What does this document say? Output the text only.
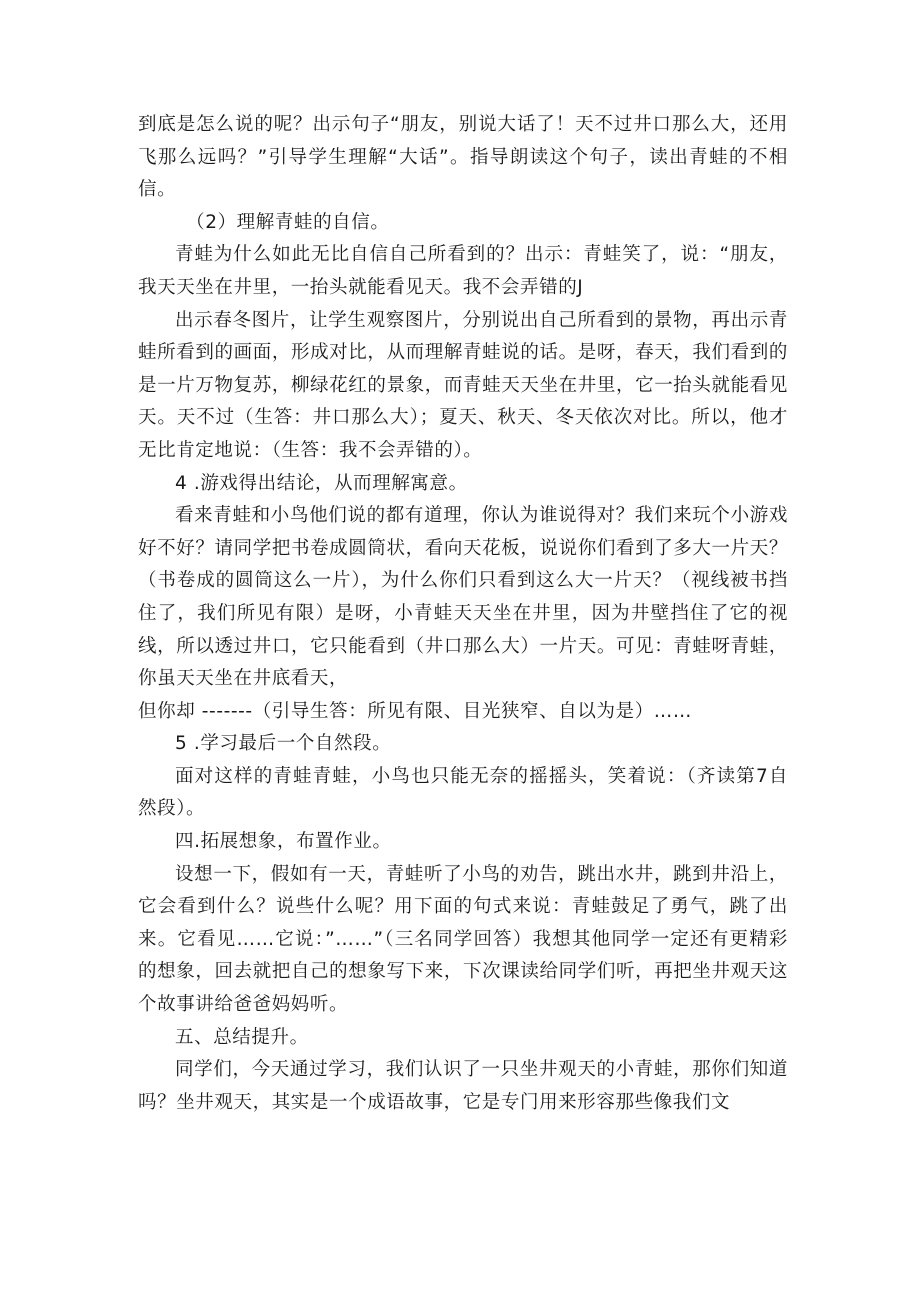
到底是怎么说的呢？出示句子“朋友，别说大话了！天不过井口那么大，还用飞那么远吗？”引导学生理解“大话”。指导朗读这个句子，读出青蛙的不相信。

（2）理解青蛙的自信。

青蛙为什么如此无比自信自己所看到的？出示：青蛙笑了，说：“朋友，我天天坐在井里，一抬头就能看见天。我不会弄错的J

出示春冬图片，让学生观察图片，分别说出自己所看到的景物，再出示青蛙所看到的画面，形成对比，从而理解青蛙说的话。是呀，春天，我们看到的是一片万物复苏，柳绿花红的景象，而青蛙天天坐在井里，它一抬头就能看见天。天不过（生答：井口那么大）；夏天、秋天、冬天依次对比。所以，他才无比肯定地说：（生答：我不会弄错的）。

4 .游戏得出结论，从而理解寓意。

看来青蛙和小鸟他们说的都有道理，你认为谁说得对？我们来玩个小游戏好不好？请同学把书卷成圆筒状，看向天花板，说说你们看到了多大一片天？（书卷成的圆筒这么一片），为什么你们只看到这么大一片天？（视线被书挡住了，我们所见有限）是呀，小青蛙天天坐在井里，因为井壁挡住了它的视线，所以透过井口，它只能看到（井口那么大）一片天。可见：青蛙呀青蛙，你虽天天坐在井底看天，

但你却 -------（引导生答：所见有限、目光狭窄、自以为是）……

5 .学习最后一个自然段。

面对这样的青蛙青蛙，小鸟也只能无奈的摇摇头，笑着说：（齐读第7自然段）。

四.拓展想象，布置作业。

设想一下，假如有一天，青蛙听了小鸟的劝告，跳出水井，跳到井沿上，它会看到什么？说些什么呢？用下面的句式来说：青蛙鼓足了勇气，跳了出来。它看见……它说：”……”（三名同学回答）我想其他同学一定还有更精彩的想象，回去就把自己的想象写下来，下次课读给同学们听，再把坐井观天这个故事讲给爸爸妈妈听。

五、总结提升。

同学们，今天通过学习，我们认识了一只坐井观天的小青蛙，那你们知道吗？坐井观天，其实是一个成语故事，它是专门用来形容那些像我们文
